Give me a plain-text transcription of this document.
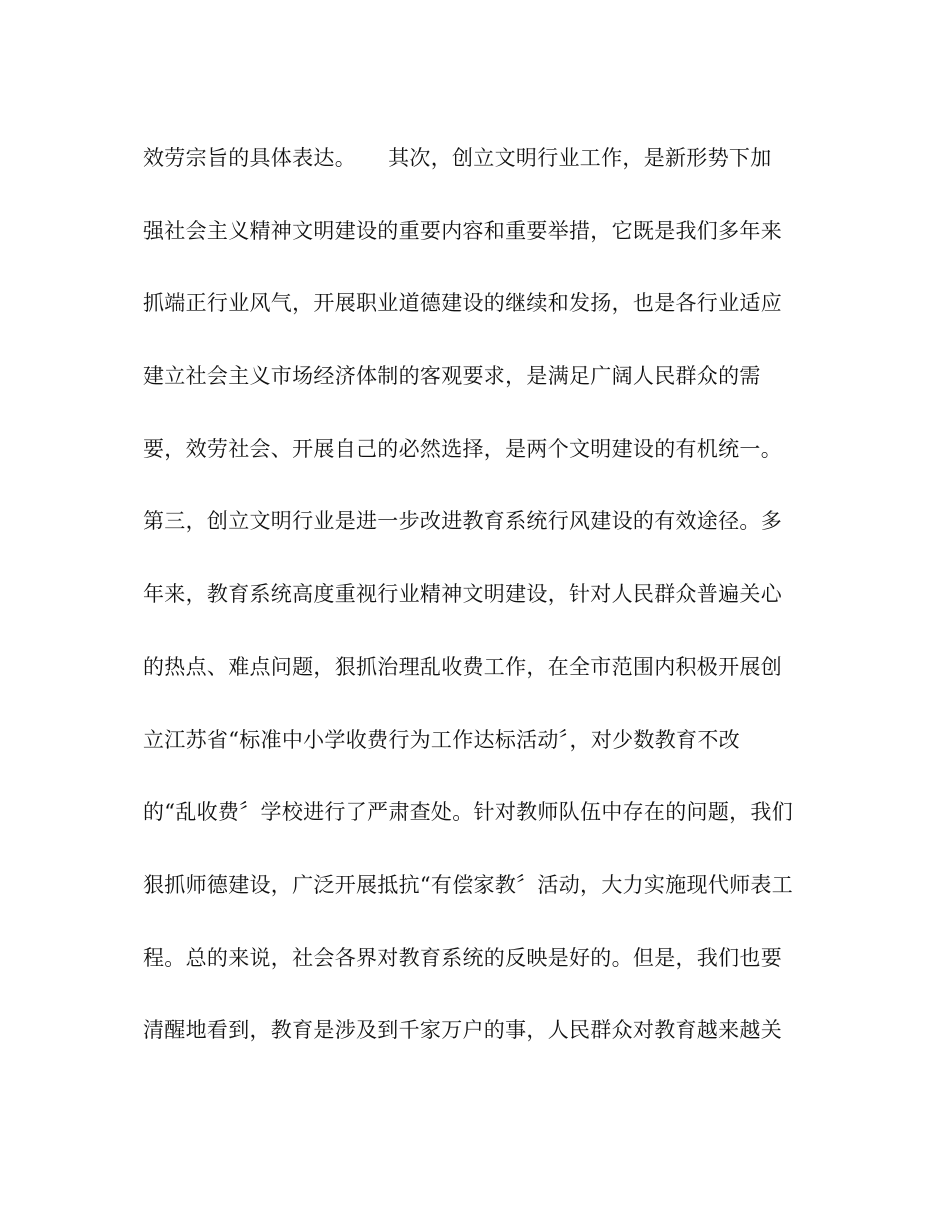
效劳宗旨的具体表达。　　其次，创立文明行业工作，是新形势下加
强社会主义精神文明建设的重要内容和重要举措，它既是我们多年来
抓端正行业风气，开展职业道德建设的继续和发扬，也是各行业适应
建立社会主义市场经济体制的客观要求，是满足广阔人民群众的需
要，效劳社会、开展自己的必然选择，是两个文明建设的有机统一。
第三，创立文明行业是进一步改进教育系统行风建设的有效途径。多
年来，教育系统高度重视行业精神文明建设，针对人民群众普遍关心
的热点、难点问题，狠抓治理乱收费工作，在全市范围内积极开展创
立江苏省“标准中小学收费行为工作达标活动〞，对少数教育不改
的“乱收费〞学校进行了严肃查处。针对教师队伍中存在的问题，我们
狠抓师德建设，广泛开展抵抗“有偿家教〞活动，大力实施现代师表工
程。总的来说，社会各界对教育系统的反映是好的。但是，我们也要
清醒地看到，教育是涉及到千家万户的事，人民群众对教育越来越关
